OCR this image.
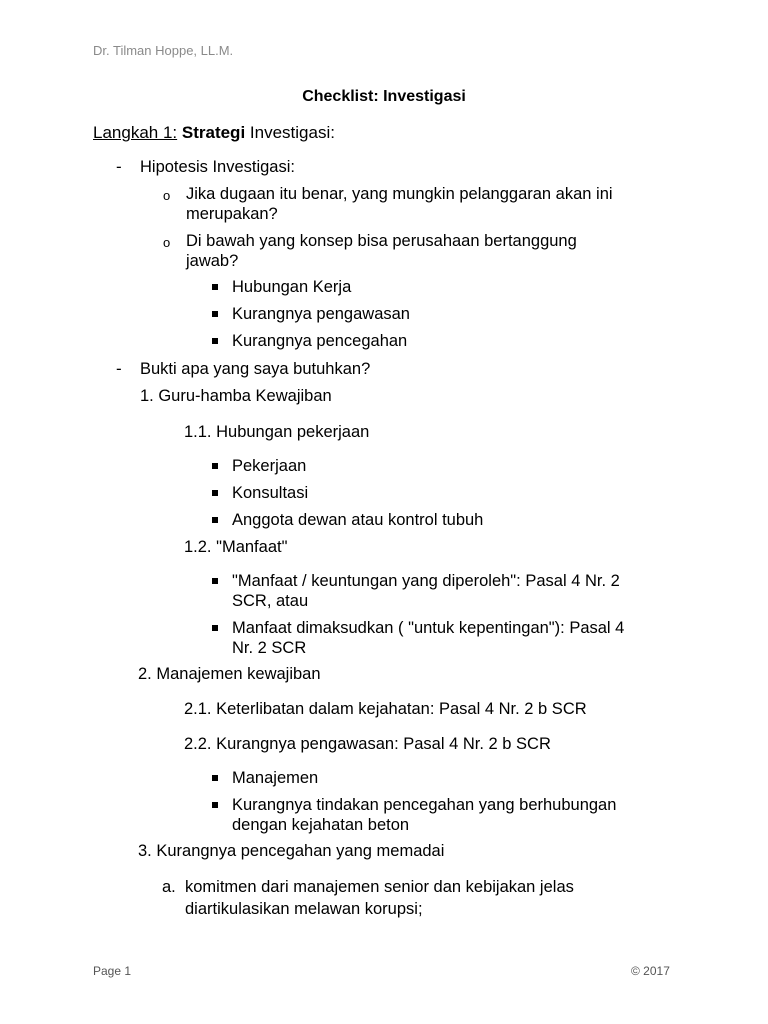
Dr. Tilman Hoppe, LL.M.
Checklist: Investigasi
Langkah 1: Strategi Investigasi:
- Hipotesis Investigasi:
o Jika dugaan itu benar, yang mungkin pelanggaran akan ini
merupakan?
o Di bawah yang konsep bisa perusahaan bertanggung
jawab?
Hubungan Kerja
Kurangnya pengawasan
Kurangnya pencegahan
- Bukti apa yang saya butuhkan?
1. Guru-hamba Kewajiban
1.1. Hubungan pekerjaan
Pekerjaan
Konsultasi
Anggota dewan atau kontrol tubuh
1.2. "Manfaat"
"Manfaat / keuntungan yang diperoleh": Pasal 4 Nr. 2
SCR, atau
Manfaat dimaksudkan ( "untuk kepentingan"): Pasal 4
Nr. 2 SCR
2. Manajemen kewajiban
2.1. Keterlibatan dalam kejahatan: Pasal 4 Nr. 2 b SCR
2.2. Kurangnya pengawasan: Pasal 4 Nr. 2 b SCR
Manajemen
Kurangnya tindakan pencegahan yang berhubungan
dengan kejahatan beton
3. Kurangnya pencegahan yang memadai
a. komitmen dari manajemen senior dan kebijakan jelas
diartikulasikan melawan korupsi;
Page 1	© 2017
